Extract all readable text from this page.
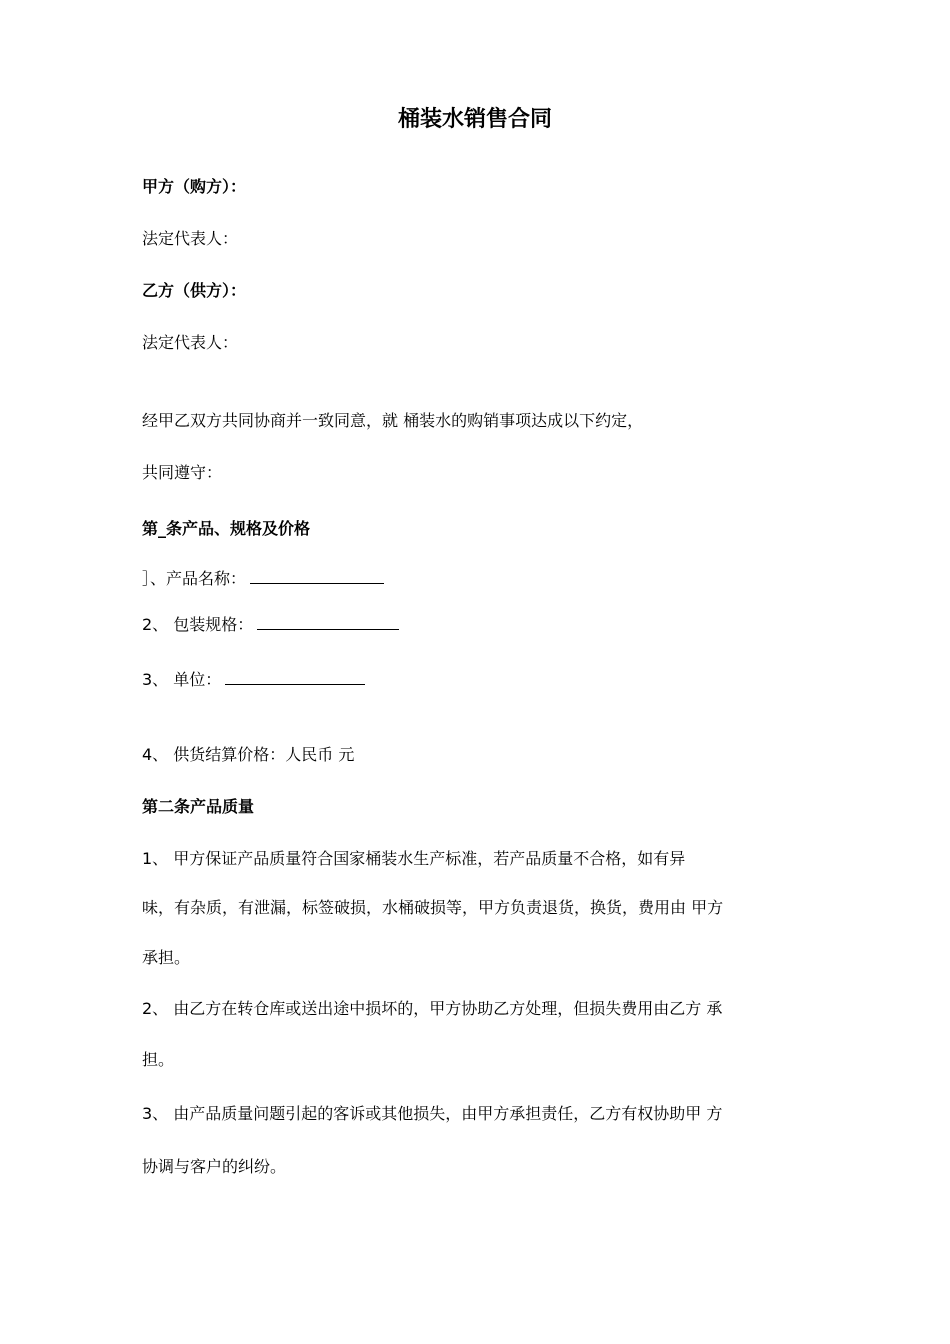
桶装水销售合同
甲方（购方）：
法定代表人：
乙方（供方）：
法定代表人：
经甲乙双方共同协商并一致同意，就 桶装水的购销事项达成以下约定，
共同遵守：
第_条产品、规格及价格
］、产品名称：
2、 包装规格：
3、 单位：
4、 供货结算价格：人民币 元
第二条产品质量
1、 甲方保证产品质量符合国家桶装水生产标准，若产品质量不合格，如有异
味，有杂质，有泄漏，标签破损，水桶破损等，甲方负责退货，换货，费用由 甲方
承担。
2、 由乙方在转仓库或送出途中损坏的，甲方协助乙方处理，但损失费用由乙方 承
担。
3、 由产品质量问题引起的客诉或其他损失，由甲方承担责任，乙方有权协助甲 方
协调与客户的纠纷。
